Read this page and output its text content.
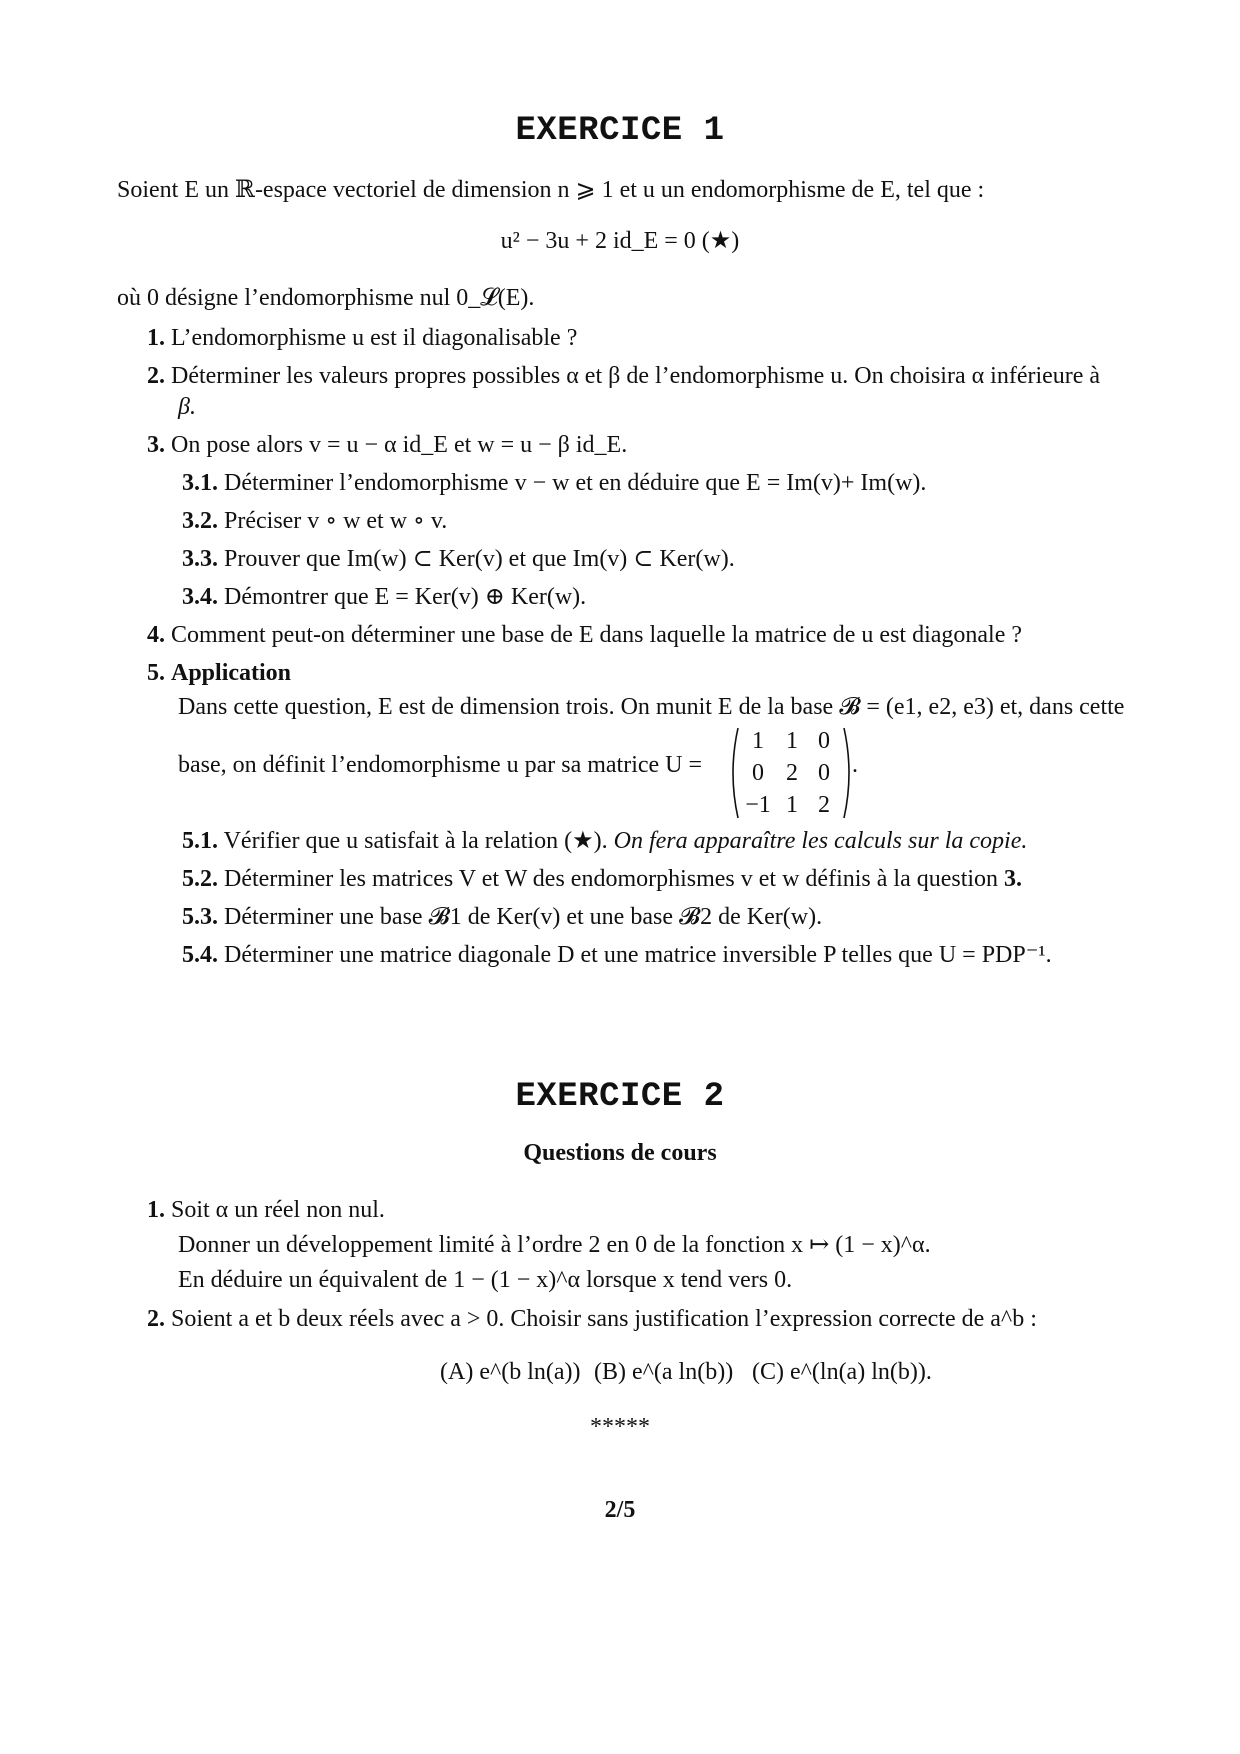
EXERCICE 1
Soient E un ℝ-espace vectoriel de dimension n ⩾ 1 et u un endomorphisme de E, tel que :
u² − 3u + 2 id_E = 0 (★)
où 0 désigne l’endomorphisme nul 0_𝓛(E).
1. L’endomorphisme u est il diagonalisable ?
2. Déterminer les valeurs propres possibles α et β de l’endomorphisme u. On choisira α inférieure à
β.
3. On pose alors v = u − α id_E et w = u − β id_E.
3.1. Déterminer l’endomorphisme v − w et en déduire que E = Im(v)+ Im(w).
3.2. Préciser v ∘ w et w ∘ v.
3.3. Prouver que Im(w) ⊂ Ker(v) et que Im(v) ⊂ Ker(w).
3.4. Démontrer que E = Ker(v) ⊕ Ker(w).
4. Comment peut-on déterminer une base de E dans laquelle la matrice de u est diagonale ?
5. Application
Dans cette question, E est de dimension trois. On munit E de la base 𝓑 = (e1, e2, e3) et, dans cette
base, on définit l’endomorphisme u par sa matrice U =
1 1 0
0 2 0
−1 1 2
.
5.1. Vérifier que u satisfait à la relation (★). On fera apparaître les calculs sur la copie.
5.2. Déterminer les matrices V et W des endomorphismes v et w définis à la question 3.
5.3. Déterminer une base 𝓑1 de Ker(v) et une base 𝓑2 de Ker(w).
5.4. Déterminer une matrice diagonale D et une matrice inversible P telles que U = PDP⁻¹.
EXERCICE 2
Questions de cours
1. Soit α un réel non nul.
Donner un développement limité à l’ordre 2 en 0 de la fonction x ↦ (1 − x)^α.
En déduire un équivalent de 1 − (1 − x)^α lorsque x tend vers 0.
2. Soient a et b deux réels avec a > 0. Choisir sans justification l’expression correcte de a^b :
(A) e^(b ln(a)) (B) e^(a ln(b)) (C) e^(ln(a) ln(b)).
*****
2/5
